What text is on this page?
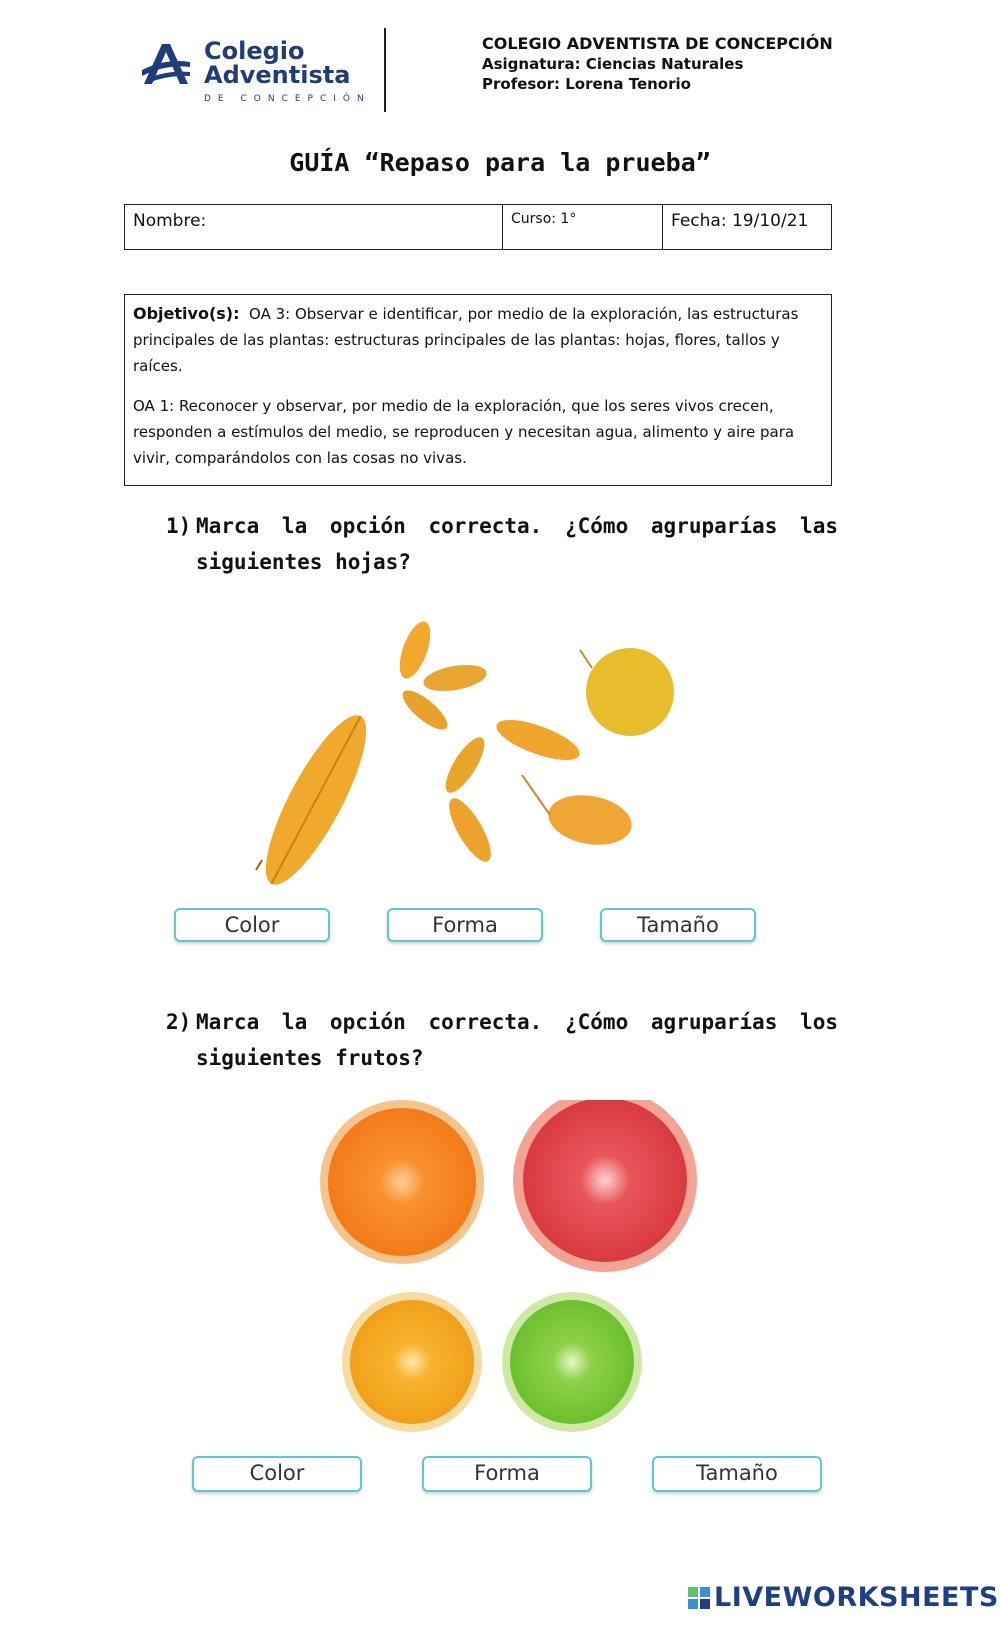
Colegio
Adventista
DE CONCEPCIÓN
COLEGIO ADVENTISTA DE CONCEPCIÓN
Asignatura: Ciencias Naturales
Profesor: Lorena Tenorio
GUÍA “Repaso para la prueba”
Nombre:	Curso: 1°	Fecha: 19/10/21

Objetivo(s): OA 3: Observar e identificar, por medio de la exploración, las estructuras principales de las plantas: estructuras principales de las plantas: hojas, flores, tallos y raíces.

OA 1: Reconocer y observar, por medio de la exploración, que los seres vivos crecen, responden a estímulos del medio, se reproducen y necesitan agua, alimento y aire para vivir, comparándolos con las cosas no vivas.

1) Marca la opción correcta. ¿Cómo agruparías las siguientes hojas?
Color	Forma	Tamaño
2) Marca la opción correcta. ¿Cómo agruparías los siguientes frutos?
Color	Forma	Tamaño
LIVEWORKSHEETS
